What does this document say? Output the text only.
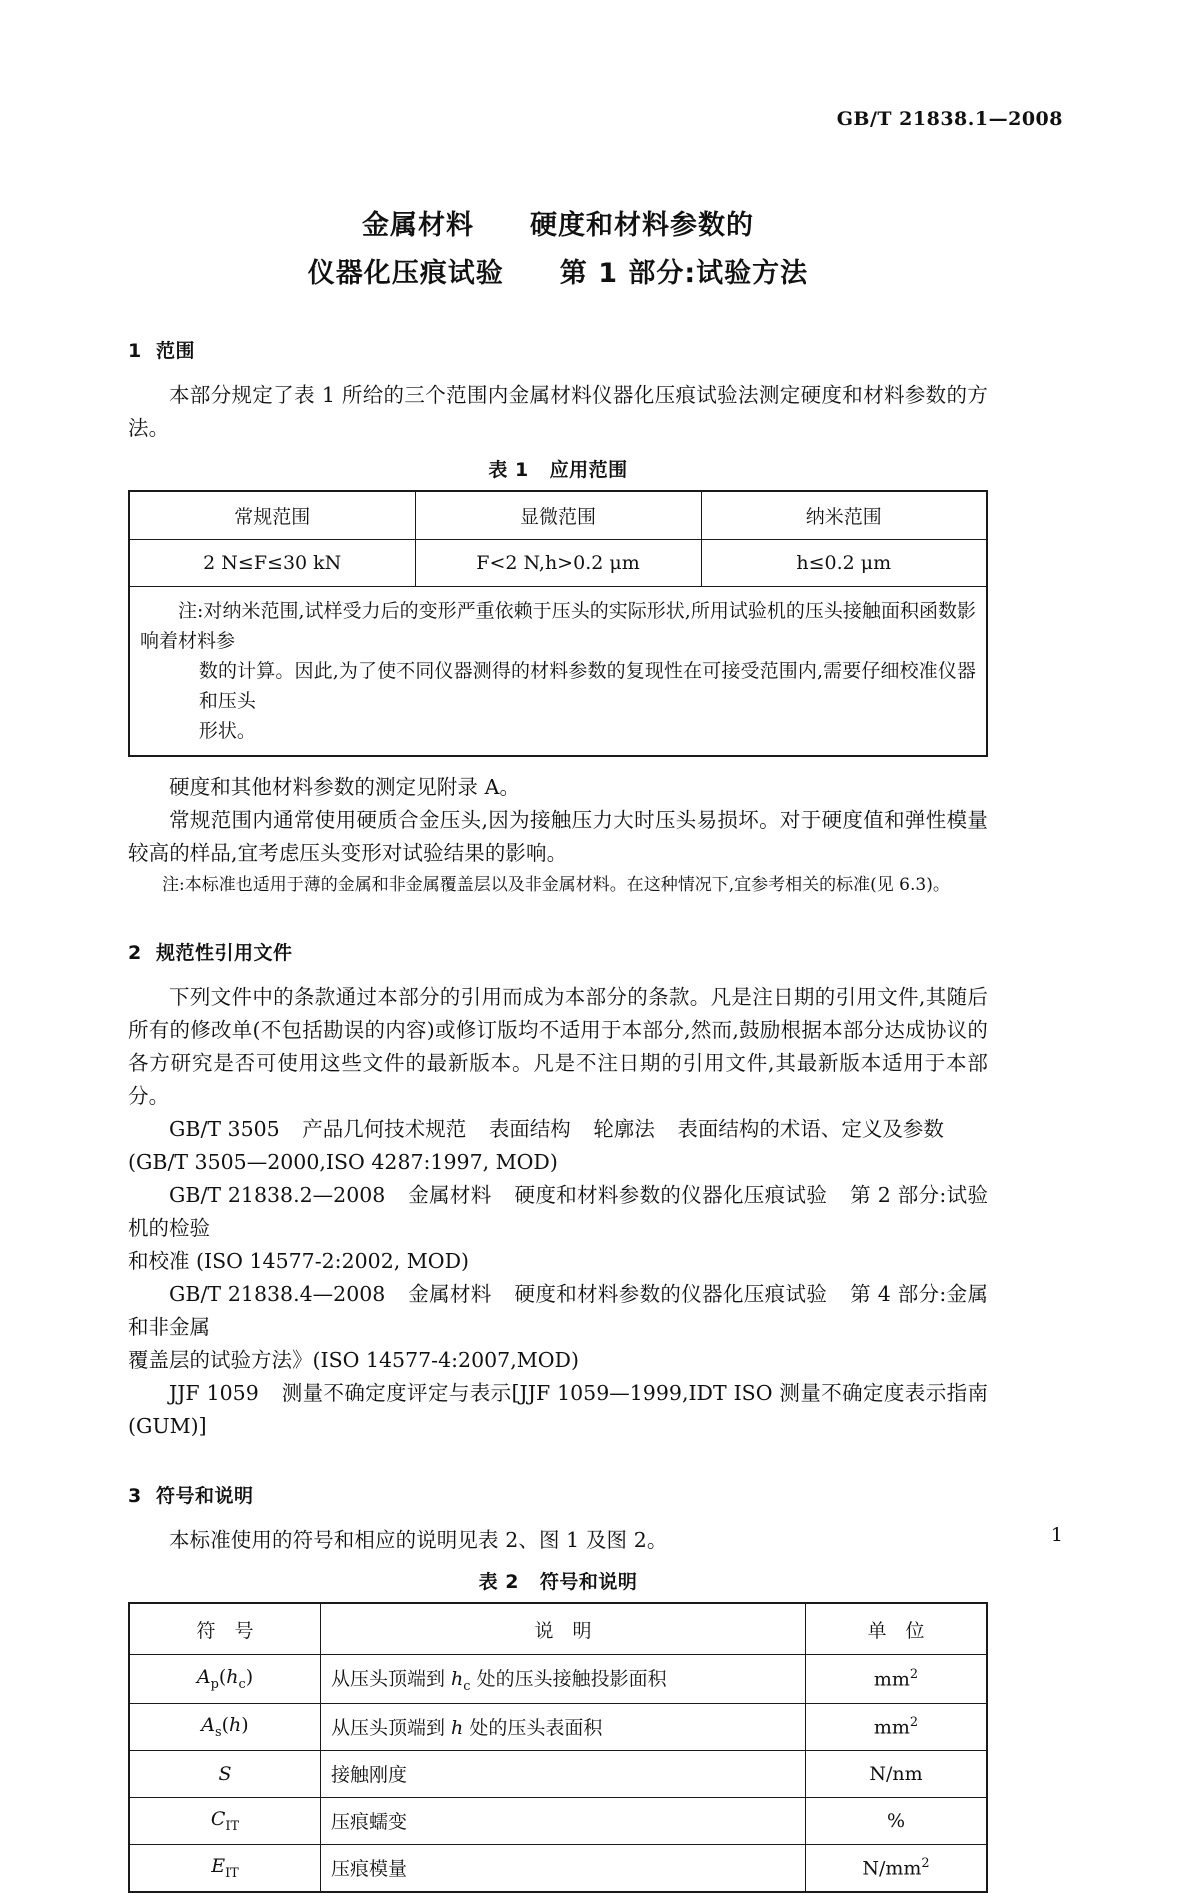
GB/T 21838.1—2008
金属材料　　硬度和材料参数的
仪器化压痕试验　　第 1 部分:试验方法
1 范围

本部分规定了表 1 所给的三个范围内金属材料仪器化压痕试验法测定硬度和材料参数的方法。

表 1 应用范围
常规范围	显微范围	纳米范围
2 N≤F≤30 kN	F<2 N,h>0.2 μm	h≤0.2 μm

注:对纳米范围,试样受力后的变形严重依赖于压头的实际形状,所用试验机的压头接触面积函数影响着材料参
数的计算。因此,为了使不同仪器测得的材料参数的复现性在可接受范围内,需要仔细校准仪器和压头
形状。		

硬度和其他材料参数的测定见附录 A。

常规范围内通常使用硬质合金压头,因为接触压力大时压头易损坏。对于硬度值和弹性模量较高的样品,宜考虑压头变形对试验结果的影响。

注:本标准也适用于薄的金属和非金属覆盖层以及非金属材料。在这种情况下,宜参考相关的标准(见 6.3)。

2 规范性引用文件

下列文件中的条款通过本部分的引用而成为本部分的条款。凡是注日期的引用文件,其随后所有的修改单(不包括勘误的内容)或修订版均不适用于本部分,然而,鼓励根据本部分达成协议的各方研究是否可使用这些文件的最新版本。凡是不注日期的引用文件,其最新版本适用于本部分。

GB/T 3505 产品几何技术规范 表面结构 轮廓法 表面结构的术语、定义及参数

(GB/T 3505—2000,ISO 4287:1997, MOD)

GB/T 21838.2—2008 金属材料 硬度和材料参数的仪器化压痕试验 第 2 部分:试验机的检验

和校准 (ISO 14577-2:2002, MOD)

GB/T 21838.4—2008 金属材料 硬度和材料参数的仪器化压痕试验 第 4 部分:金属和非金属

覆盖层的试验方法》(ISO 14577-4:2007,MOD)

JJF 1059 测量不确定度评定与表示[JJF 1059—1999,IDT ISO 测量不确定度表示指南(GUM)]

3 符号和说明

本标准使用的符号和相应的说明见表 2、图 1 及图 2。

表 2 符号和说明
符　号	说　明	单　位
$A_p(h_c)$	从压头顶端到 $h_c$ 处的压头接触投影面积	$mm^2$
$A_s(h)$	从压头顶端到 h 处的压头表面积	$mm^2$
S	接触刚度	N/nm
$C_{IT}$	压痕蠕变	%
$E_{IT}$	压痕模量	$N/mm^2$
1
